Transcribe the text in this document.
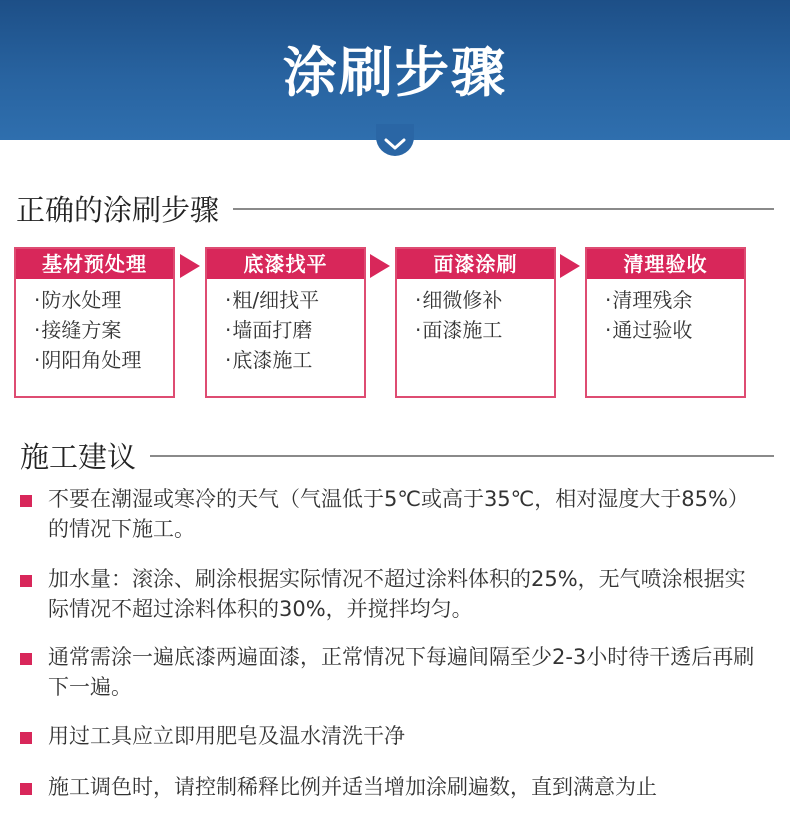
涂刷步骤
正确的涂刷步骤
基材预处理
· 防水处理
· 接缝方案
· 阴阳角处理
底漆找平
· 粗/细找平
· 墙面打磨
· 底漆施工
面漆涂刷
· 细微修补
· 面漆施工
清理验收
· 清理残余
· 通过验收
施工建议
不要在潮湿或寒冷的天气（气温低于5℃或高于35℃，相对湿度大于85%）的情况下施工。
加水量：滚涂、刷涂根据实际情况不超过涂料体积的25%，无气喷涂根据实际情况不超过涂料体积的30%，并搅拌均匀。
通常需涂一遍底漆两遍面漆，正常情况下每遍间隔至少2-3小时待干透后再刷下一遍。
用过工具应立即用肥皂及温水清洗干净
施工调色时，请控制稀释比例并适当增加涂刷遍数，直到满意为止
